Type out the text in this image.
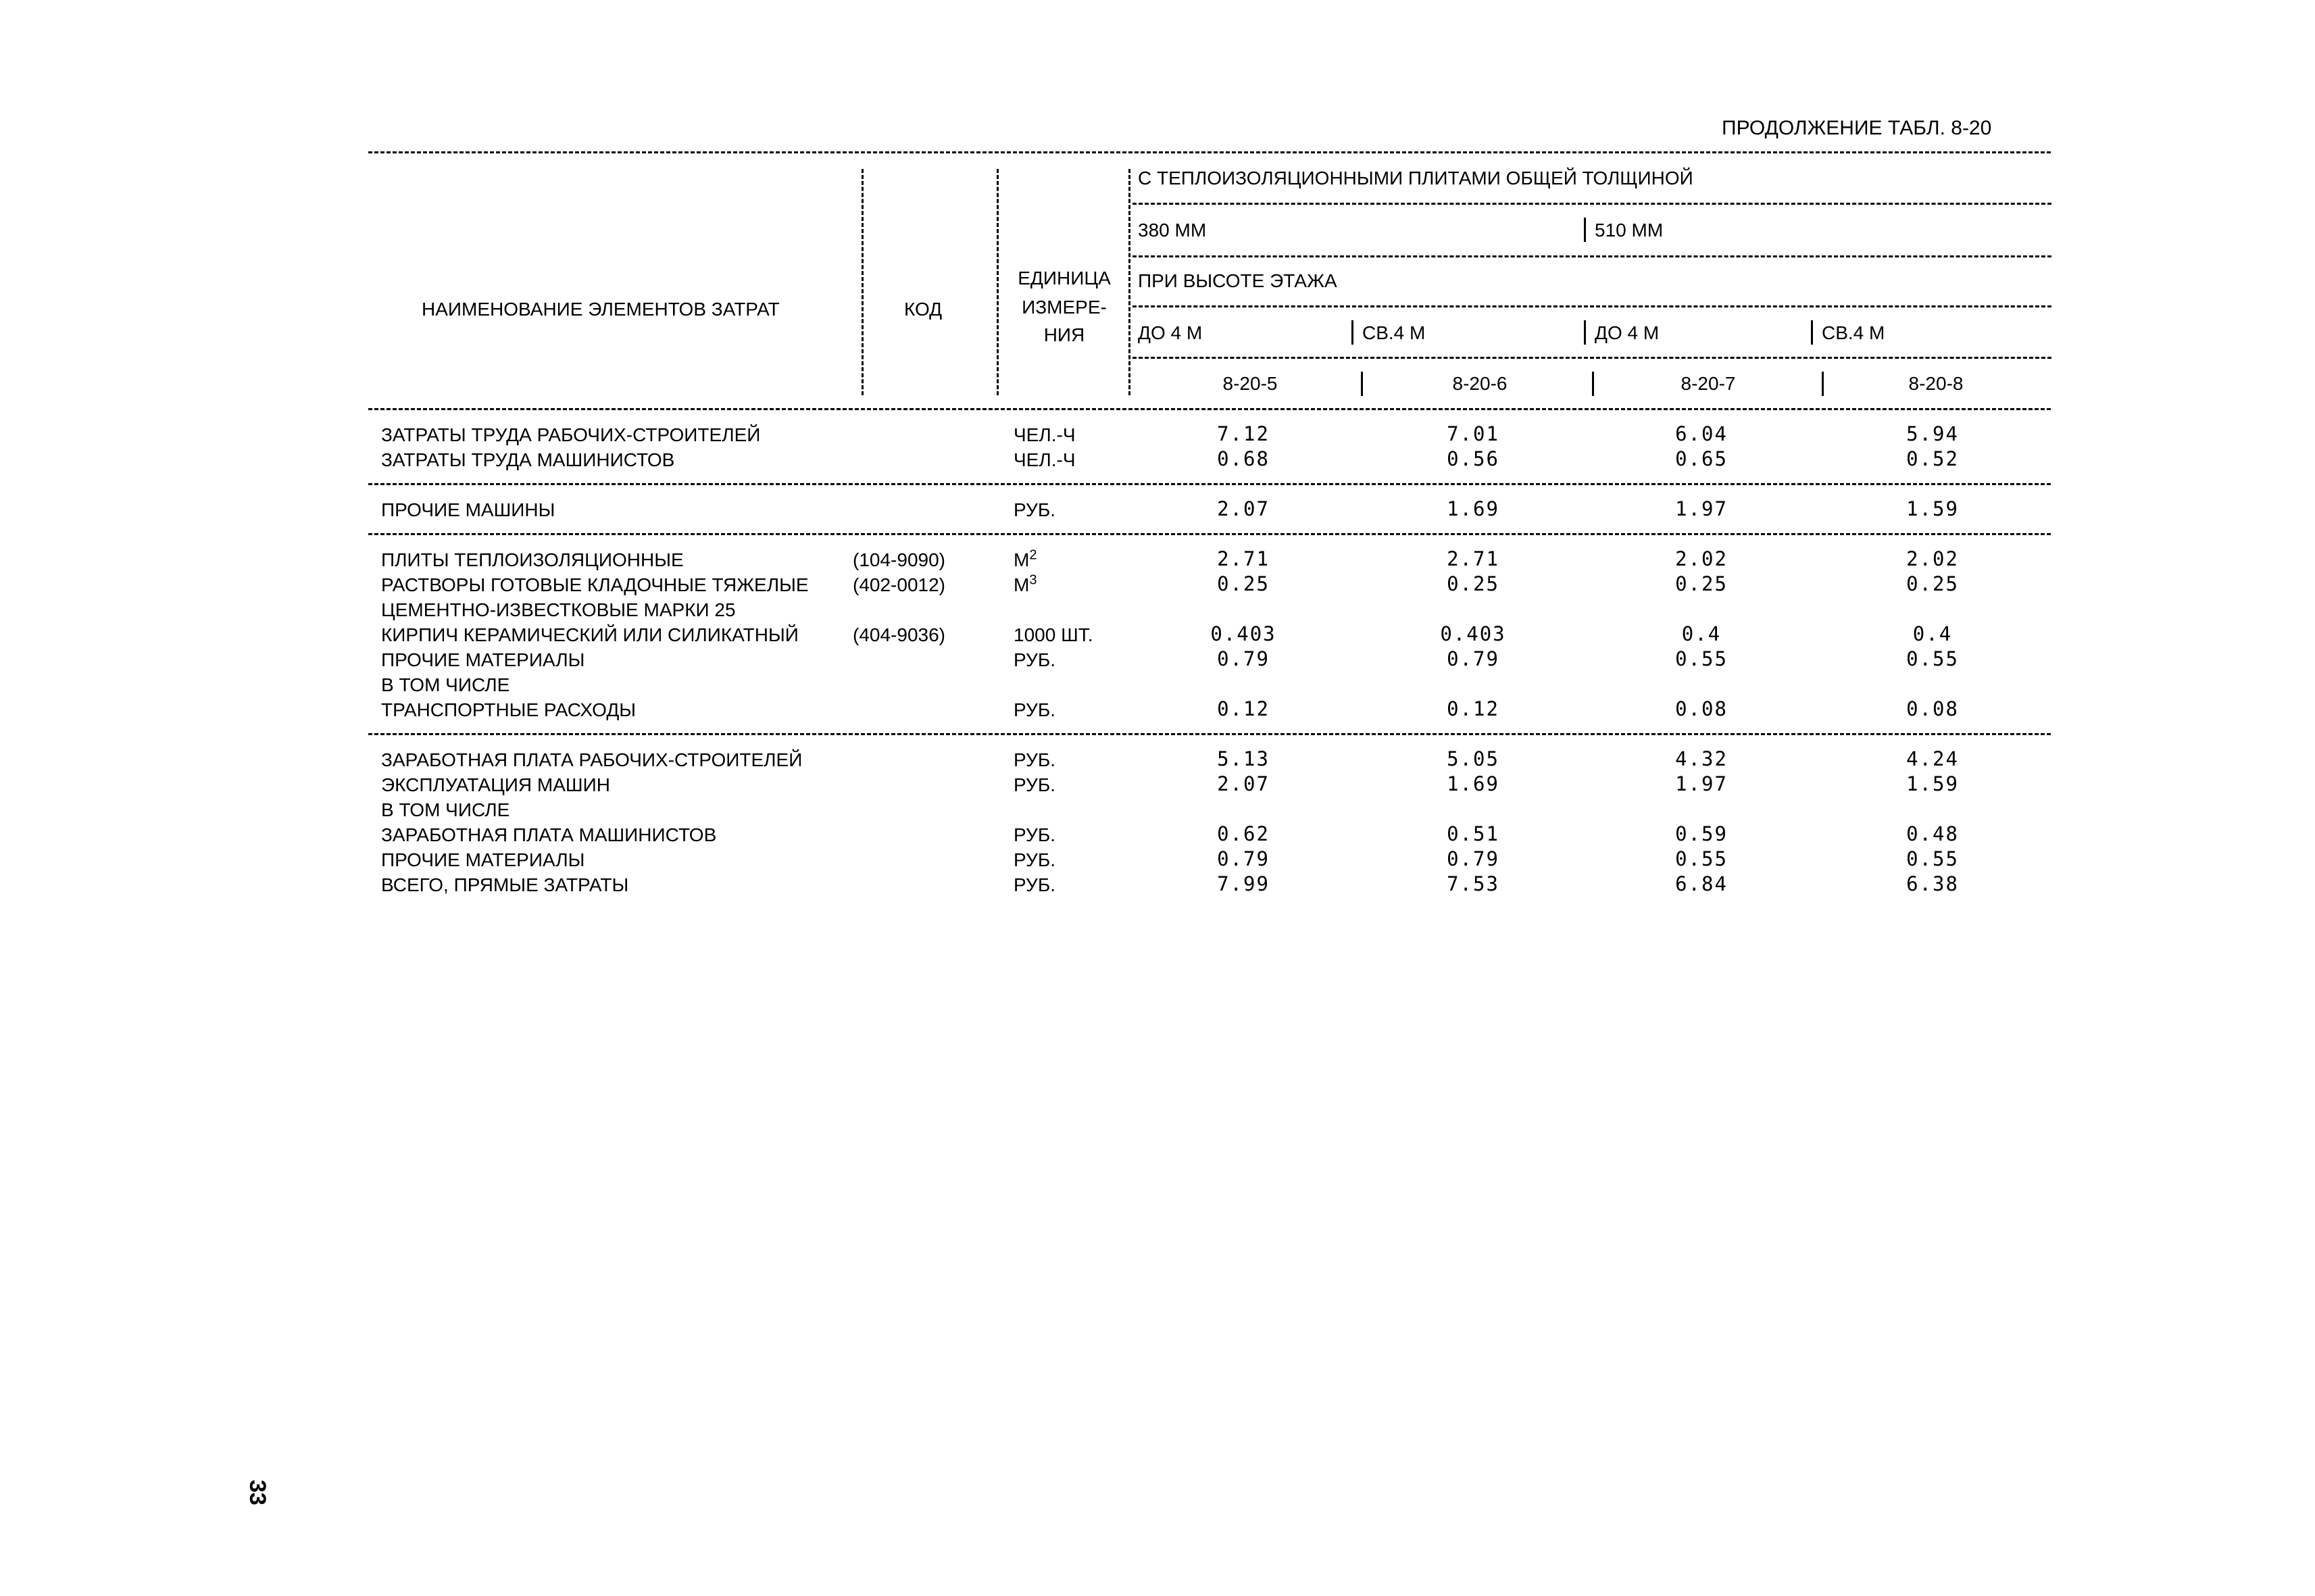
ПРОДОЛЖЕНИЕ ТАБЛ. 8-20
НАИМЕНОВАНИЕ ЭЛЕМЕНТОВ ЗАТРАТ	КОД
ЕДИНИЦА
ИЗМЕРЕ-
НИЯ
С ТЕПЛОИЗОЛЯЦИОННЫМИ ПЛИТАМИ ОБЩЕЙ ТОЛЩИНОЙ
380 ММ	510 ММ
ПРИ ВЫСОТЕ ЭТАЖА
ДО 4 М	СВ.4 М	ДО 4 М	СВ.4 М
8-20-5	8-20-6	8-20-7	8-20-8
ЗАТРАТЫ ТРУДА РАБОЧИХ-СТРОИТЕЛЕЙ	ЧЕЛ.-Ч	7.12	7.01	6.04	5.94
ЗАТРАТЫ ТРУДА МАШИНИСТОВ	ЧЕЛ.-Ч	0.68	0.56	0.65	0.52
ПРОЧИЕ МАШИНЫ	РУБ.	2.07	1.69	1.97	1.59
ПЛИТЫ ТЕПЛОИЗОЛЯЦИОННЫЕ	(104-9090)	$М^2$	2.71	2.71	2.02	2.02
РАСТВОРЫ ГОТОВЫЕ КЛАДОЧНЫЕ ТЯЖЕЛЫЕ (402-0012)	$М^3$	0.25	0.25	0.25	0.25
ЦЕМЕНТНО-ИЗВЕСТКОВЫЕ МАРКИ 25
КИРПИЧ КЕРАМИЧЕСКИЙ ИЛИ СИЛИКАТНЫЙ	(404-9036)	1000 ШТ.	0.403	0.403	0.4	0.4
ПРОЧИЕ МАТЕРИАЛЫ	РУБ.	0.79	0.79	0.55	0.55
В ТОМ ЧИСЛЕ
ТРАНСПОРТНЫЕ РАСХОДЫ	РУБ.	0.12	0.12	0.08	0.08
ЗАРАБОТНАЯ ПЛАТА РАБОЧИХ-СТРОИТЕЛЕЙ	РУБ.	5.13	5.05	4.32	4.24
ЭКСПЛУАТАЦИЯ МАШИН	РУБ.	2.07	1.69	1.97	1.59
В ТОМ ЧИСЛЕ
ЗАРАБОТНАЯ ПЛАТА МАШИНИСТОВ	РУБ.	0.62	0.51	0.59	0.48
ПРОЧИЕ МАТЕРИАЛЫ	РУБ.	0.79	0.79	0.55	0.55
ВСЕГО, ПРЯМЫЕ ЗАТРАТЫ	РУБ.	7.99	7.53	6.84	6.38
33
